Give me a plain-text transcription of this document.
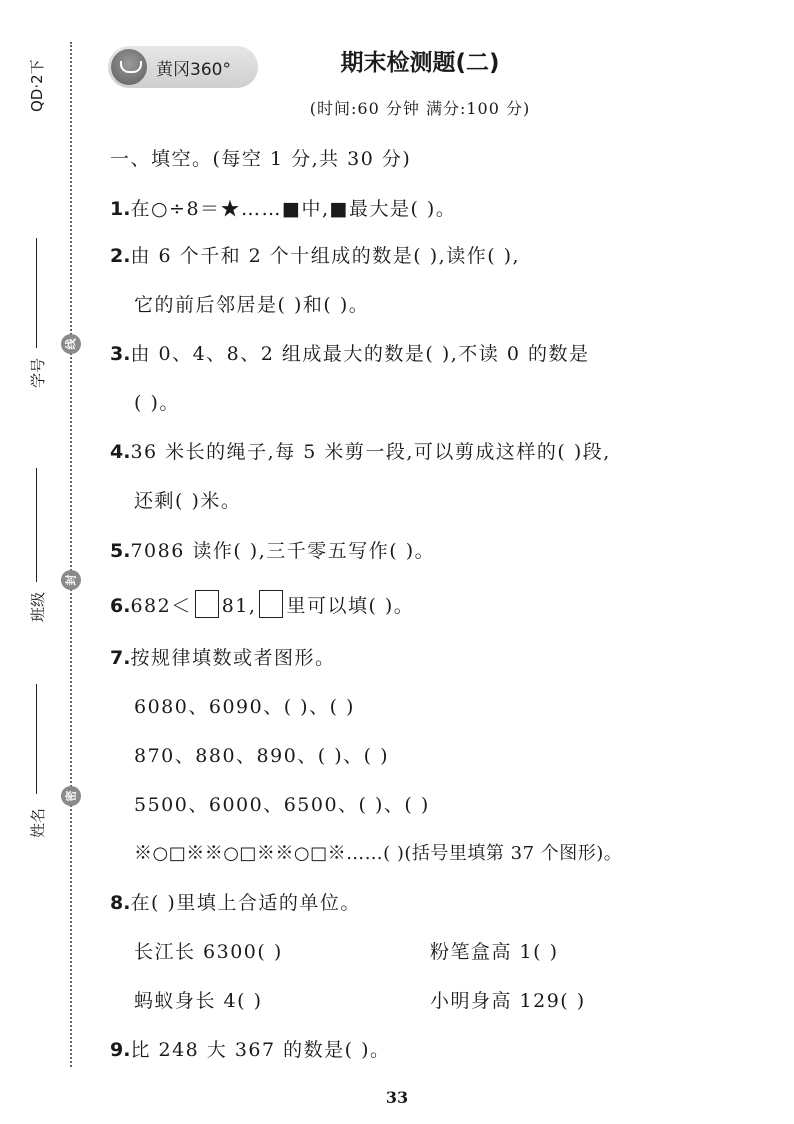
QD·2下
学号
班级
姓名
线
封
密
黄冈360°	期末检测题(二)
(时间:60 分钟 满分:100 分)
一、填空。(每空 1 分,共 30 分)
1.在○÷8＝★……■中,■最大是( )。
2.由 6 个千和 2 个十组成的数是( ),读作( ),
它的前后邻居是( )和( )。
3.由 0、4、8、2 组成最大的数是( ),不读 0 的数是
( )。
4.36 米长的绳子,每 5 米剪一段,可以剪成这样的( )段,
还剩( )米。
5.7086 读作( ),三千零五写作( )。
6.682＜ 81, 里可以填( )。
7.按规律填数或者图形。
6080、6090、( )、( )
870、880、890、( )、( )
5500、6000、6500、( )、( )
※○□※※○□※※○□※……( )(括号里填第 37 个图形)。
8.在( )里填上合适的单位。
长江长 6300( )	粉笔盒高 1( )
蚂蚁身长 4( )	小明身高 129( )
9.比 248 大 367 的数是( )。
33
